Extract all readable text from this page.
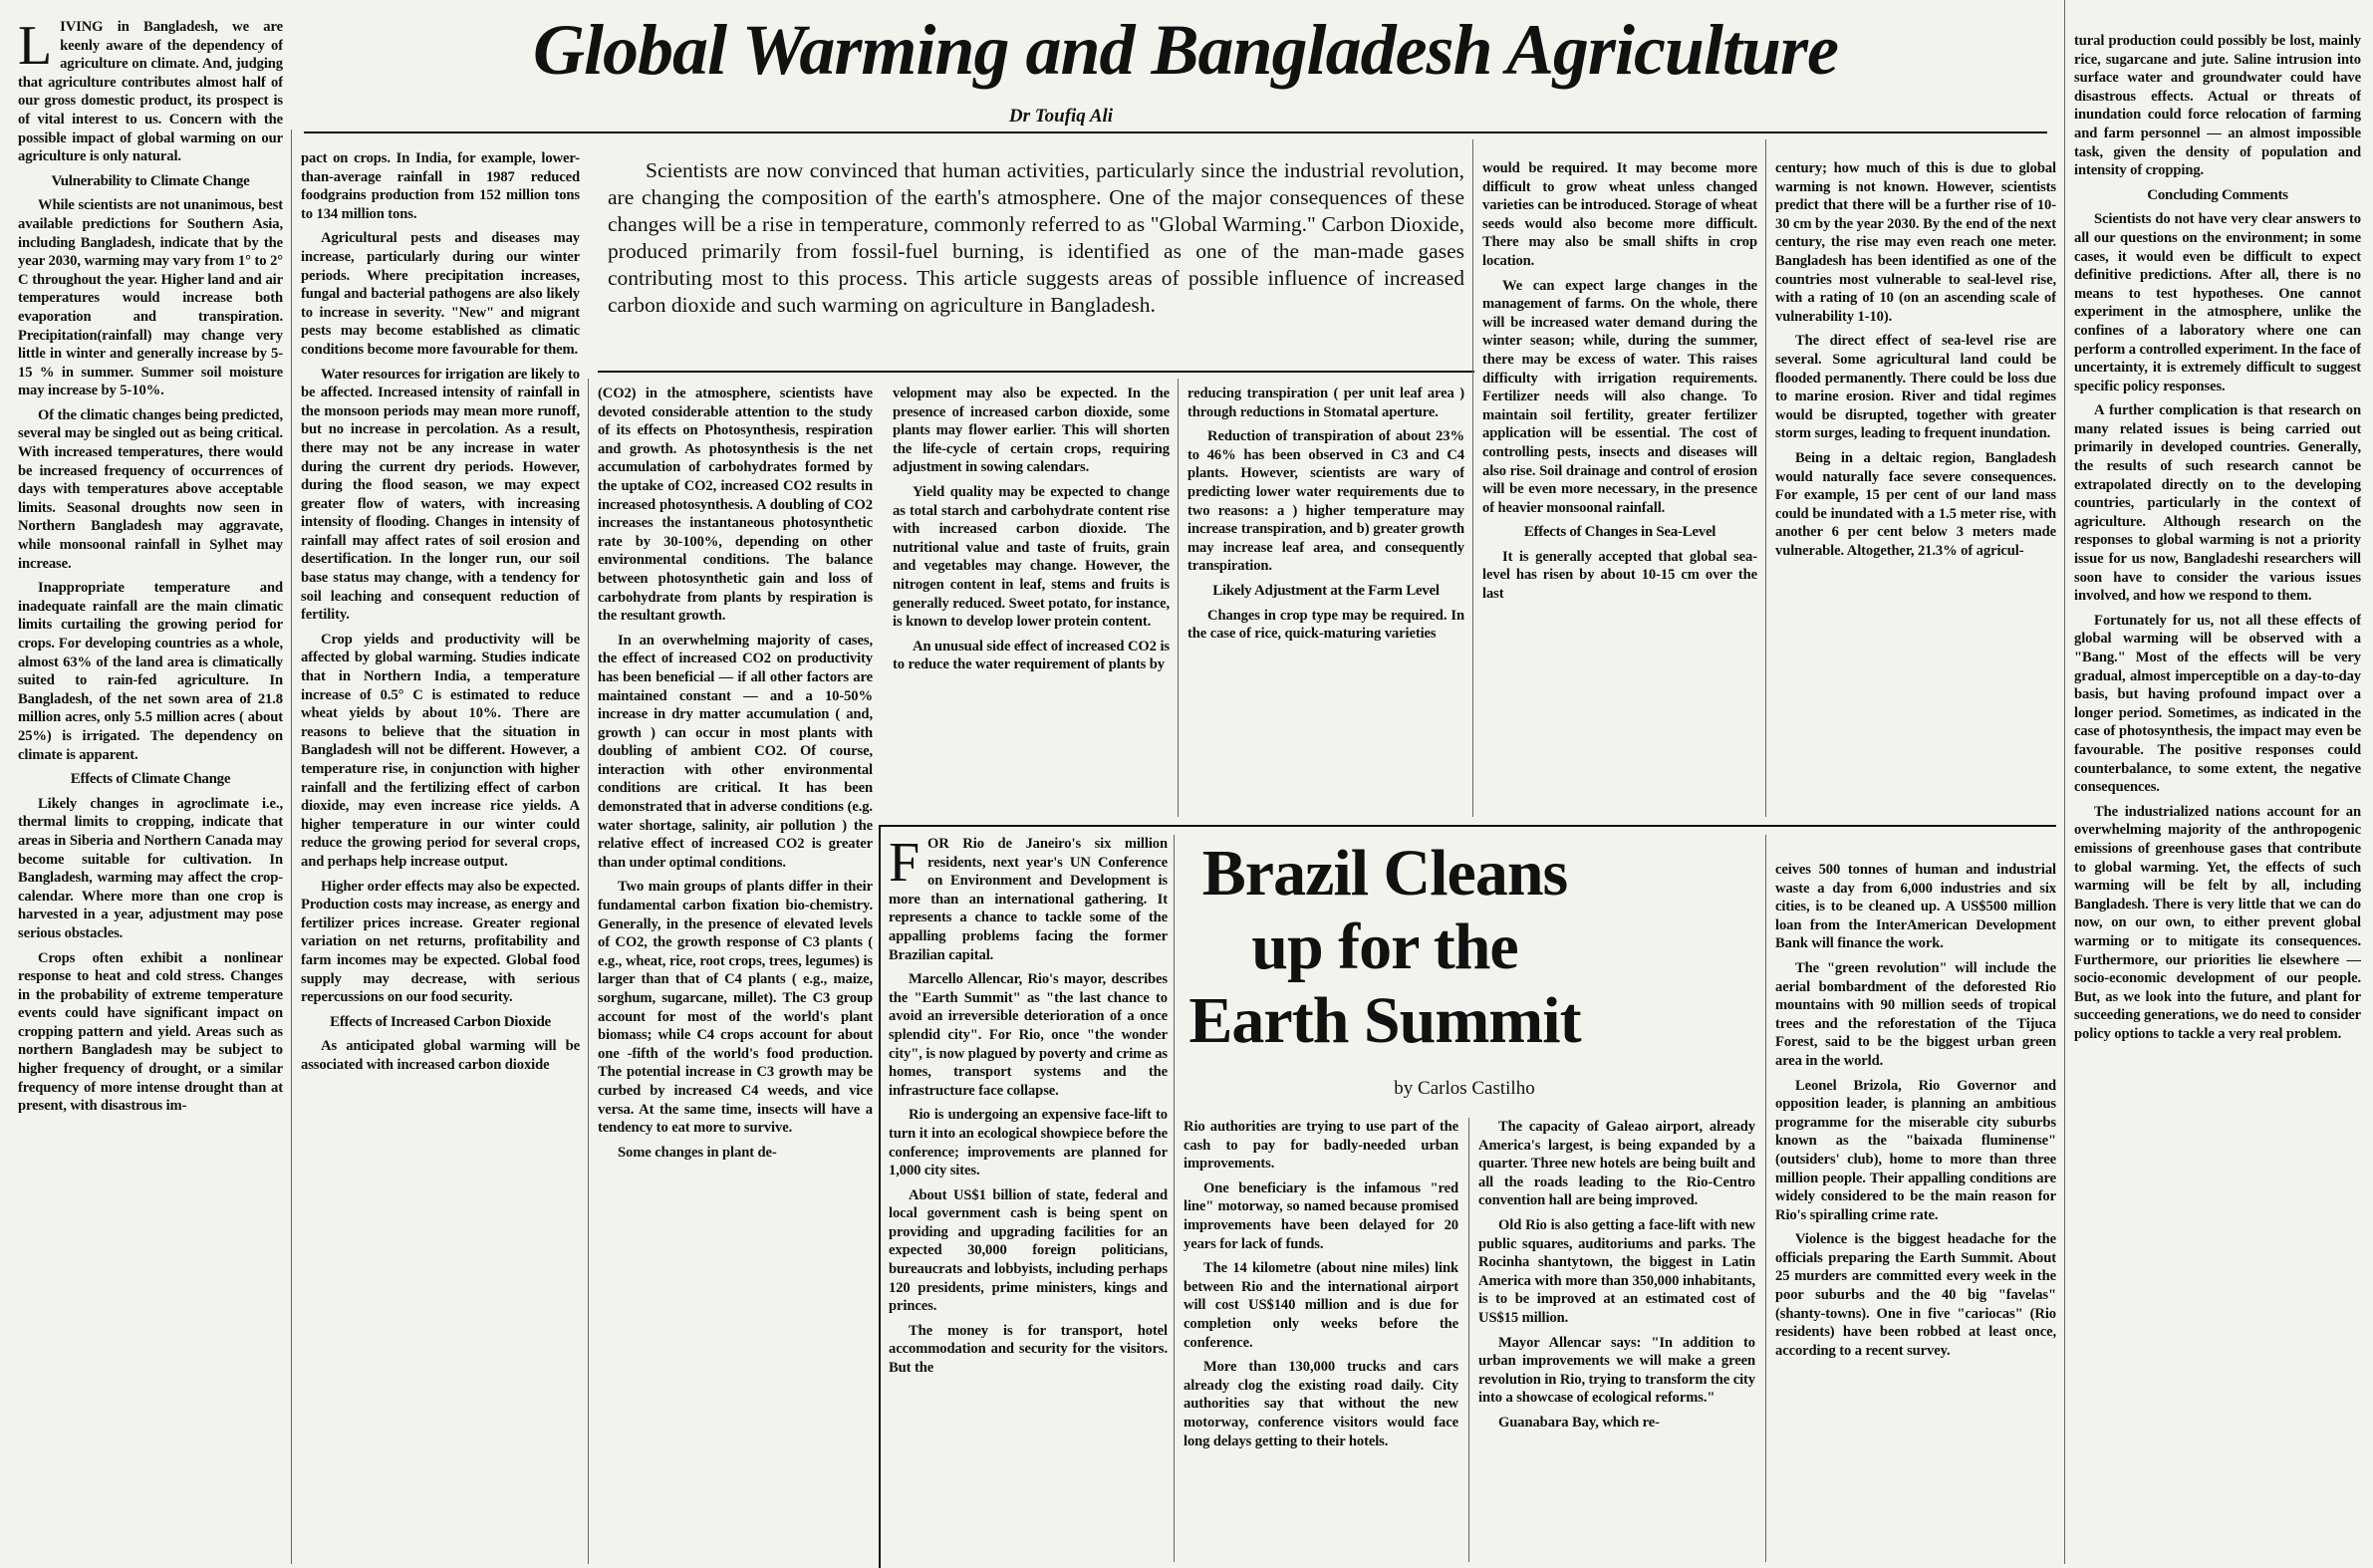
Global Warming and Bangladesh Agriculture
Dr Toufiq Ali

Scientists are now convinced that human activities, particularly since the industrial revolution, are changing the composition of the earth's atmosphere. One of the major consequences of these changes will be a rise in temperature, commonly referred to as "Global Warming." Carbon Dioxide, produced primarily from fossil-fuel burning, is identified as one of the man-made gases contributing most to this process. This article suggests areas of possible influence of increased carbon dioxide and such warming on agriculture in Bangladesh.

LIVING in Bangladesh, we are keenly aware of the dependency of agriculture on climate. And, judging that agriculture contributes almost half of our gross domestic product, its prospect is of vital interest to us. Concern with the possible impact of global warming on our agriculture is only natural.

Vulnerability to Climate Change

While scientists are not unanimous, best available predictions for Southern Asia, including Bangladesh, indicate that by the year 2030, warming may vary from 1° to 2° C throughout the year. Higher land and air temperatures would increase both evaporation and transpiration. Precipitation(rainfall) may change very little in winter and generally increase by 5-15 % in summer. Summer soil moisture may increase by 5-10%.

Of the climatic changes being predicted, several may be singled out as being critical. With increased temperatures, there would be increased frequency of occurrences of days with temperatures above acceptable limits. Seasonal droughts now seen in Northern Bangladesh may aggravate, while monsoonal rainfall in Sylhet may increase.

Inappropriate temperature and inadequate rainfall are the main climatic limits curtailing the growing period for crops. For developing countries as a whole, almost 63% of the land area is climatically suited to rain-fed agriculture. In Bangladesh, of the net sown area of 21.8 million acres, only 5.5 million acres ( about 25%) is irrigated. The dependency on climate is apparent.

Effects of Climate Change

Likely changes in agroclimate i.e., thermal limits to cropping, indicate that areas in Siberia and Northern Canada may become suitable for cultivation. In Bangladesh, warming may affect the crop-calendar. Where more than one crop is harvested in a year, adjustment may pose serious obstacles.

Crops often exhibit a nonlinear response to heat and cold stress. Changes in the probability of extreme temperature events could have significant impact on cropping pattern and yield. Areas such as northern Bangladesh may be subject to higher frequency of drought, or a similar frequency of more intense drought than at present, with disastrous im-

pact on crops. In India, for example, lower-than-average rainfall in 1987 reduced foodgrains production from 152 million tons to 134 million tons.

Agricultural pests and diseases may increase, particularly during our winter periods. Where precipitation increases, fungal and bacterial pathogens are also likely to increase in severity. "New" and migrant pests may become established as climatic conditions become more favourable for them.

Water resources for irrigation are likely to be affected. Increased intensity of rainfall in the monsoon periods may mean more runoff, but no increase in percolation. As a result, there may not be any increase in water during the current dry periods. However, during the flood season, we may expect greater flow of waters, with increasing intensity of flooding. Changes in intensity of rainfall may affect rates of soil erosion and desertification. In the longer run, our soil base status may change, with a tendency for soil leaching and consequent reduction of fertility.

Crop yields and productivity will be affected by global warming. Studies indicate that in Northern India, a temperature increase of 0.5° C is estimated to reduce wheat yields by about 10%. There are reasons to believe that the situation in Bangladesh will not be different. However, a temperature rise, in conjunction with higher rainfall and the fertilizing effect of carbon dioxide, may even increase rice yields. A higher temperature in our winter could reduce the growing period for several crops, and perhaps help increase output.

Higher order effects may also be expected. Production costs may increase, as energy and fertilizer prices increase. Greater regional variation on net returns, profitability and farm incomes may be expected. Global food supply may decrease, with serious repercussions on our food security.

Effects of Increased Carbon Dioxide

As anticipated global warming will be associated with increased carbon dioxide

(CO2) in the atmosphere, scientists have devoted considerable attention to the study of its effects on Photosynthesis, respiration and growth. As photosynthesis is the net accumulation of carbohydrates formed by the uptake of CO2, increased CO2 results in increased photosynthesis. A doubling of CO2 increases the instantaneous photosynthetic rate by 30-100%, depending on other environmental conditions. The balance between photosynthetic gain and loss of carbohydrate from plants by respiration is the resultant growth.

In an overwhelming majority of cases, the effect of increased CO2 on productivity has been beneficial — if all other factors are maintained constant — and a 10-50% increase in dry matter accumulation ( and, growth ) can occur in most plants with doubling of ambient CO2. Of course, interaction with other environmental conditions are critical. It has been demonstrated that in adverse conditions (e.g. water shortage, salinity, air pollution ) the relative effect of increased CO2 is greater than under optimal conditions.

Two main groups of plants differ in their fundamental carbon fixation bio-chemistry. Generally, in the presence of elevated levels of CO2, the growth response of C3 plants ( e.g., wheat, rice, root crops, trees, legumes) is larger than that of C4 plants ( e.g., maize, sorghum, sugarcane, millet). The C3 group account for most of the world's plant biomass; while C4 crops account for about one -fifth of the world's food production. The potential increase in C3 growth may be curbed by increased C4 weeds, and vice versa. At the same time, insects will have a tendency to eat more to survive.

Some changes in plant de-

velopment may also be expected. In the presence of increased carbon dioxide, some plants may flower earlier. This will shorten the life-cycle of certain crops, requiring adjustment in sowing calendars.

Yield quality may be expected to change as total starch and carbohydrate content rise with increased carbon dioxide. The nutritional value and taste of fruits, grain and vegetables may change. However, the nitrogen content in leaf, stems and fruits is generally reduced. Sweet potato, for instance, is known to develop lower protein content.

An unusual side effect of increased CO2 is to reduce the water requirement of plants by

reducing transpiration ( per unit leaf area ) through reductions in Stomatal aperture.

Reduction of transpiration of about 23% to 46% has been observed in C3 and C4 plants. However, scientists are wary of predicting lower water requirements due to two reasons: a ) higher temperature may increase transpiration, and b) greater growth may increase leaf area, and consequently transpiration.

Likely Adjustment at the Farm Level

Changes in crop type may be required. In the case of rice, quick-maturing varieties

would be required. It may become more difficult to grow wheat unless changed varieties can be introduced. Storage of wheat seeds would also become more difficult. There may also be small shifts in crop location.

We can expect large changes in the management of farms. On the whole, there will be increased water demand during the winter season; while, during the summer, there may be excess of water. This raises difficulty with irrigation requirements. Fertilizer needs will also change. To maintain soil fertility, greater fertilizer application will be essential. The cost of controlling pests, insects and diseases will also rise. Soil drainage and control of erosion will be even more necessary, in the presence of heavier monsoonal rainfall.

Effects of Changes in Sea-Level

It is generally accepted that global sea-level has risen by about 10-15 cm over the last

century; how much of this is due to global warming is not known. However, scientists predict that there will be a further rise of 10-30 cm by the year 2030. By the end of the next century, the rise may even reach one meter. Bangladesh has been identified as one of the countries most vulnerable to seal-level rise, with a rating of 10 (on an ascending scale of vulnerability 1-10).

The direct effect of sea-level rise are several. Some agricultural land could be flooded permanently. There could be loss due to marine erosion. River and tidal regimes would be disrupted, together with greater storm surges, leading to frequent inundation.

Being in a deltaic region, Bangladesh would naturally face severe consequences. For example, 15 per cent of our land mass could be inundated with a 1.5 meter rise, with another 6 per cent below 3 meters made vulnerable. Altogether, 21.3% of agricul-

tural production could possibly be lost, mainly rice, sugarcane and jute. Saline intrusion into surface water and groundwater could have disastrous effects. Actual or threats of inundation could force relocation of farming and farm personnel — an almost impossible task, given the density of population and intensity of cropping.

Concluding Comments

Scientists do not have very clear answers to all our questions on the environment; in some cases, it would even be difficult to expect definitive predictions. After all, there is no means to test hypotheses. One cannot experiment in the atmosphere, unlike the confines of a laboratory where one can perform a controlled experiment. In the face of uncertainty, it is extremely difficult to suggest specific policy responses.

A further complication is that research on many related issues is being carried out primarily in developed countries. Generally, the results of such research cannot be extrapolated directly on to the developing countries, particularly in the context of agriculture. Although research on the responses to global warming is not a priority issue for us now, Bangladeshi researchers will soon have to consider the various issues involved, and how we respond to them.

Fortunately for us, not all these effects of global warming will be observed with a "Bang." Most of the effects will be very gradual, almost imperceptible on a day-to-day basis, but having profound impact over a longer period. Sometimes, as indicated in the case of photosynthesis, the impact may even be favourable. The positive responses could counterbalance, to some extent, the negative consequences.

The industrialized nations account for an overwhelming majority of the anthropogenic emissions of greenhouse gases that contribute to global warming. Yet, the effects of such warming will be felt by all, including Bangladesh. There is very little that we can do now, on our own, to either prevent global warming or to mitigate its consequences. Furthermore, our priorities lie elsewhere — socio-economic development of our people. But, as we look into the future, and plant for succeeding generations, we do need to consider policy options to tackle a very real problem.

Brazil Cleans up for the Earth Summit
by Carlos Castilho

FOR Rio de Janeiro's six million residents, next year's UN Conference on Environment and Development is more than an international gathering. It represents a chance to tackle some of the appalling problems facing the former Brazilian capital.

Marcello Allencar, Rio's mayor, describes the "Earth Summit" as "the last chance to avoid an irreversible deterioration of a once splendid city". For Rio, once "the wonder city", is now plagued by poverty and crime as homes, transport systems and the infrastructure face collapse.

Rio is undergoing an expensive face-lift to turn it into an ecological showpiece before the conference; improvements are planned for 1,000 city sites.

About US$1 billion of state, federal and local government cash is being spent on providing and upgrading facilities for an expected 30,000 foreign politicians, bureaucrats and lobbyists, including perhaps 120 presidents, prime ministers, kings and princes.

The money is for transport, hotel accommodation and security for the visitors. But the

Rio authorities are trying to use part of the cash to pay for badly-needed urban improvements.

One beneficiary is the infamous "red line" motorway, so named because promised improvements have been delayed for 20 years for lack of funds.

The 14 kilometre (about nine miles) link between Rio and the international airport will cost US$140 million and is due for completion only weeks before the conference.

More than 130,000 trucks and cars already clog the existing road daily. City authorities say that without the new motorway, conference visitors would face long delays getting to their hotels.

The capacity of Galeao airport, already America's largest, is being expanded by a quarter. Three new hotels are being built and all the roads leading to the Rio-Centro convention hall are being improved.

Old Rio is also getting a face-lift with new public squares, auditoriums and parks. The Rocinha shantytown, the biggest in Latin America with more than 350,000 inhabitants, is to be improved at an estimated cost of US$15 million.

Mayor Allencar says: "In addition to urban improvements we will make a green revolution in Rio, trying to transform the city into a showcase of ecological reforms."

Guanabara Bay, which re-

ceives 500 tonnes of human and industrial waste a day from 6,000 industries and six cities, is to be cleaned up. A US$500 million loan from the InterAmerican Development Bank will finance the work.

The "green revolution" will include the aerial bombardment of the deforested Rio mountains with 90 million seeds of tropical trees and the reforestation of the Tijuca Forest, said to be the biggest urban green area in the world.

Leonel Brizola, Rio Governor and opposition leader, is planning an ambitious programme for the miserable city suburbs known as the "baixada fluminense" (outsiders' club), home to more than three million people. Their appalling conditions are widely considered to be the main reason for Rio's spiralling crime rate.

Violence is the biggest headache for the officials preparing the Earth Summit. About 25 murders are committed every week in the poor suburbs and the 40 big "favelas" (shanty-towns). One in five "cariocas" (Rio residents) have been robbed at least once, according to a recent survey.
